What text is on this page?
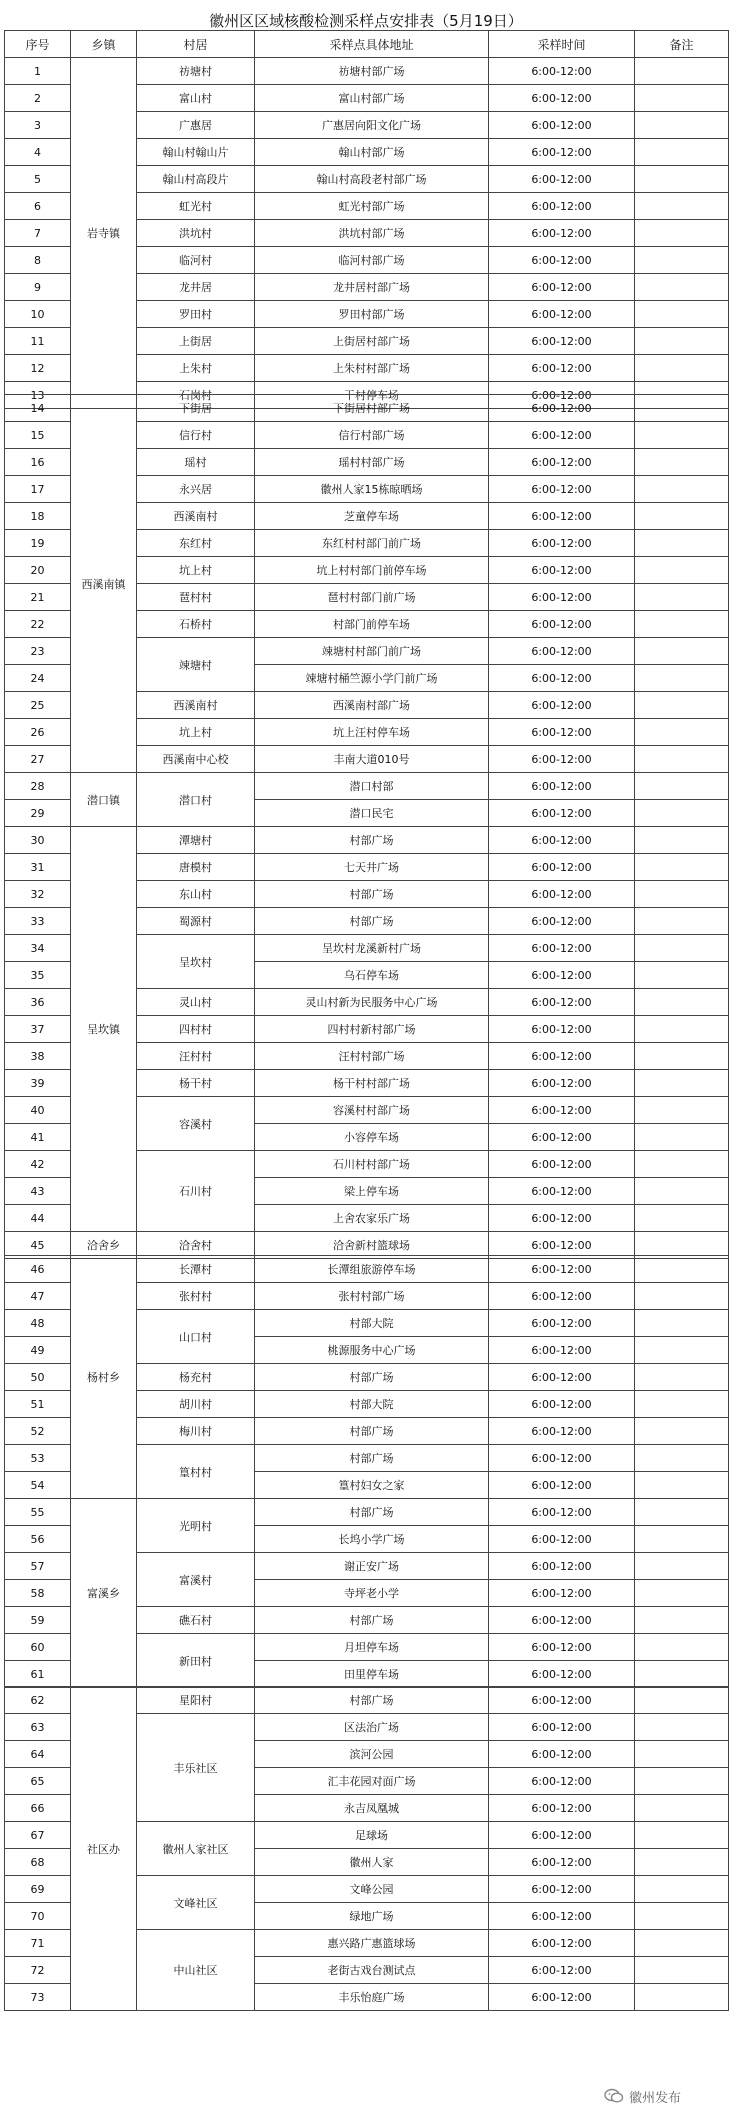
徽州区区域核酸检测采样点安排表（5月19日）
序号	乡镇	村居	采样点具体地址	采样时间	备注
1	岩寺镇	祊塘村	祊塘村部广场	6:00-12:00	
2		富山村	富山村部广场	6:00-12:00	
3		广惠居	广惠居向阳文化广场	6:00-12:00	
4		翰山村翰山片	翰山村部广场	6:00-12:00	
5		翰山村高段片	翰山村高段老村部广场	6:00-12:00	
6		虹光村	虹光村部广场	6:00-12:00	
7		洪坑村	洪坑村部广场	6:00-12:00	
8		临河村	临河村部广场	6:00-12:00	
9		龙井居	龙井居村部广场	6:00-12:00	
10		罗田村	罗田村部广场	6:00-12:00	
11		上街居	上街居村部广场	6:00-12:00	
12		上朱村	上朱村村部广场	6:00-12:00	
13		石岗村	干村停车场	6:00-12:00	
14	西溪南镇	下街居	下街居村部广场	6:00-12:00	
15		信行村	信行村部广场	6:00-12:00	
16		瑶村	瑶村村部广场	6:00-12:00	
17		永兴居	徽州人家15栋晾晒场	6:00-12:00	
18		西溪南村	芝童停车场	6:00-12:00	
19		东红村	东红村村部门前广场	6:00-12:00	
20		坑上村	坑上村村部门前停车场	6:00-12:00	
21		琶村村	琶村村部门前广场	6:00-12:00	
22		石桥村	村部门前停车场	6:00-12:00	
23		竦塘村	竦塘村村部门前广场	6:00-12:00	
24			竦塘村桶竺源小学门前广场	6:00-12:00	
25		西溪南村	西溪南村部广场	6:00-12:00	
26		坑上村	坑上汪村停车场	6:00-12:00	
27		西溪南中心校	丰南大道010号	6:00-12:00	
28	潜口镇	潜口村	潜口村部	6:00-12:00	
29			潜口民宅	6:00-12:00	
30	呈坎镇	潭塘村	村部广场	6:00-12:00	
31		唐模村	七天井广场	6:00-12:00	
32		东山村	村部广场	6:00-12:00	
33		蜀源村	村部广场	6:00-12:00	
34		呈坎村	呈坎村龙溪新村广场	6:00-12:00	
35			乌石停车场	6:00-12:00	
36		灵山村	灵山村新为民服务中心广场	6:00-12:00	
37		四村村	四村村新村部广场	6:00-12:00	
38		汪村村	汪村村部广场	6:00-12:00	
39		杨干村	杨干村村部广场	6:00-12:00	
40		容溪村	容溪村村部广场	6:00-12:00	
41			小容停车场	6:00-12:00	
42		石川村	石川村村部广场	6:00-12:00	
43			梁上停车场	6:00-12:00	
44			上舍农家乐广场	6:00-12:00	
45	洽舍乡	洽舍村	洽舍新村篮球场	6:00-12:00	
46	杨村乡	长潭村	长潭组旅游停车场	6:00-12:00	
47		张村村	张村村部广场	6:00-12:00	
48		山口村	村部大院	6:00-12:00	
49			桃源服务中心广场	6:00-12:00	
50		杨充村	村部广场	6:00-12:00	
51		胡川村	村部大院	6:00-12:00	
52		梅川村	村部广场	6:00-12:00	
53		篁村村	村部广场	6:00-12:00	
54			篁村妇女之家	6:00-12:00	
55	富溪乡	光明村	村部广场	6:00-12:00	
56			长坞小学广场	6:00-12:00	
57		富溪村	谢正安广场	6:00-12:00	
58			寺坪老小学	6:00-12:00	
59		礁石村	村部广场	6:00-12:00	
60		新田村	月坦停车场	6:00-12:00	
61			田里停车场	6:00-12:00	
62	社区办	星阳村	村部广场	6:00-12:00	
63		丰乐社区	区法治广场	6:00-12:00	
64			滨河公园	6:00-12:00	
65			汇丰花园对面广场	6:00-12:00	
66			永吉凤凰城	6:00-12:00	
67		徽州人家社区	足球场	6:00-12:00	
68			徽州人家	6:00-12:00	
69		文峰社区	文峰公园	6:00-12:00	
70			绿地广场	6:00-12:00	
71		中山社区	惠兴路广惠篮球场	6:00-12:00	
72			老街古戏台测试点	6:00-12:00	
73			丰乐怡庭广场	6:00-12:00	
徽州发布
